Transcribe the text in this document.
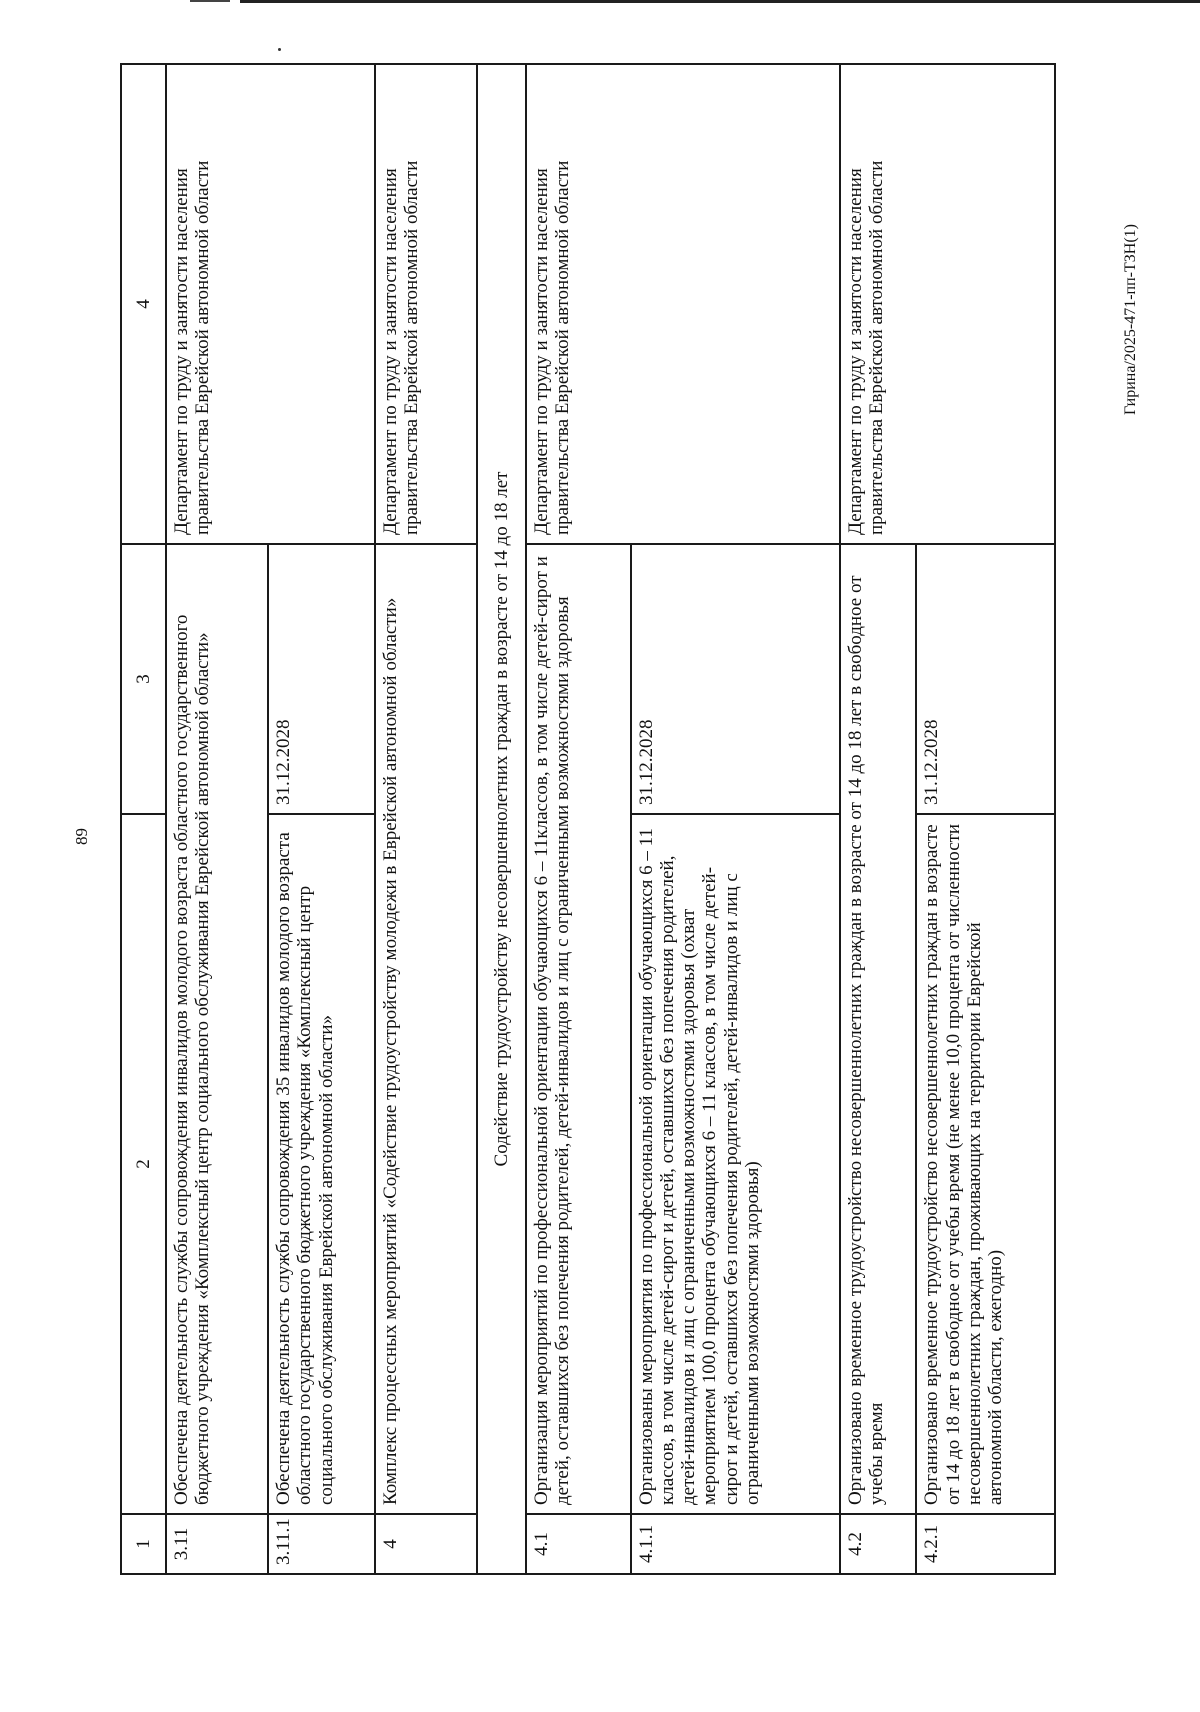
89
1	2	3	4
3.11	Обеспечена деятельность службы сопровождения инвалидов молодого возраста областного государственного бюджетного учреждения «Комплексный центр социального обслуживания Еврейской автономной области»		Департамент по труду и занятости населения правительства Еврейской автономной области
3.11.1	Обеспечена деятельность службы сопровождения 35 инвалидов молодого возраста областного государственного бюджетного учреждения «Комплексный центр социального обслуживания Еврейской автономной области»	31.12.2028	
4	Комплекс процессных мероприятий «Содействие трудоустройству молодежи в Еврейской автономной области»		Департамент по труду и занятости населения правительства Еврейской автономной области
Содействие трудоустройству несовершеннолетних граждан в возрасте от 14 до 18 лет			
4.1	Организация мероприятий по профессиональной ориентации обучающихся 6 – 11классов, в том числе детей-сирот и детей, оставшихся без попечения родителей, детей-инвалидов и лиц с ограниченными возможностями здоровья		Департамент по труду и занятости населения правительства Еврейской автономной области
4.1.1	Организованы мероприятия по профессиональной ориентации обучающихся 6 – 11 классов, в том числе детей-сирот и детей, оставшихся без попечения родителей, детей-инвалидов и лиц с ограниченными возможностями здоровья (охват мероприятием 100,0 процента обучающихся 6 – 11 классов, в том числе детей-сирот и детей, оставшихся без попечения родителей, детей-инвалидов и лиц с ограниченными возможностями здоровья)	31.12.2028	
4.2	Организовано временное трудоустройство несовершеннолетних граждан в возрасте от 14 до 18 лет в свободное от учебы время		Департамент по труду и занятости населения правительства Еврейской автономной области
4.2.1	Организовано временное трудоустройство несовершеннолетних граждан в возрасте от 14 до 18 лет в свободное от учебы время (не менее 10,0 процента от численности несовершеннолетних граждан, проживающих на территории Еврейской автономной области, ежегодно)	31.12.2028	
Гирина/2025-471-пп-ТЗН(1)
